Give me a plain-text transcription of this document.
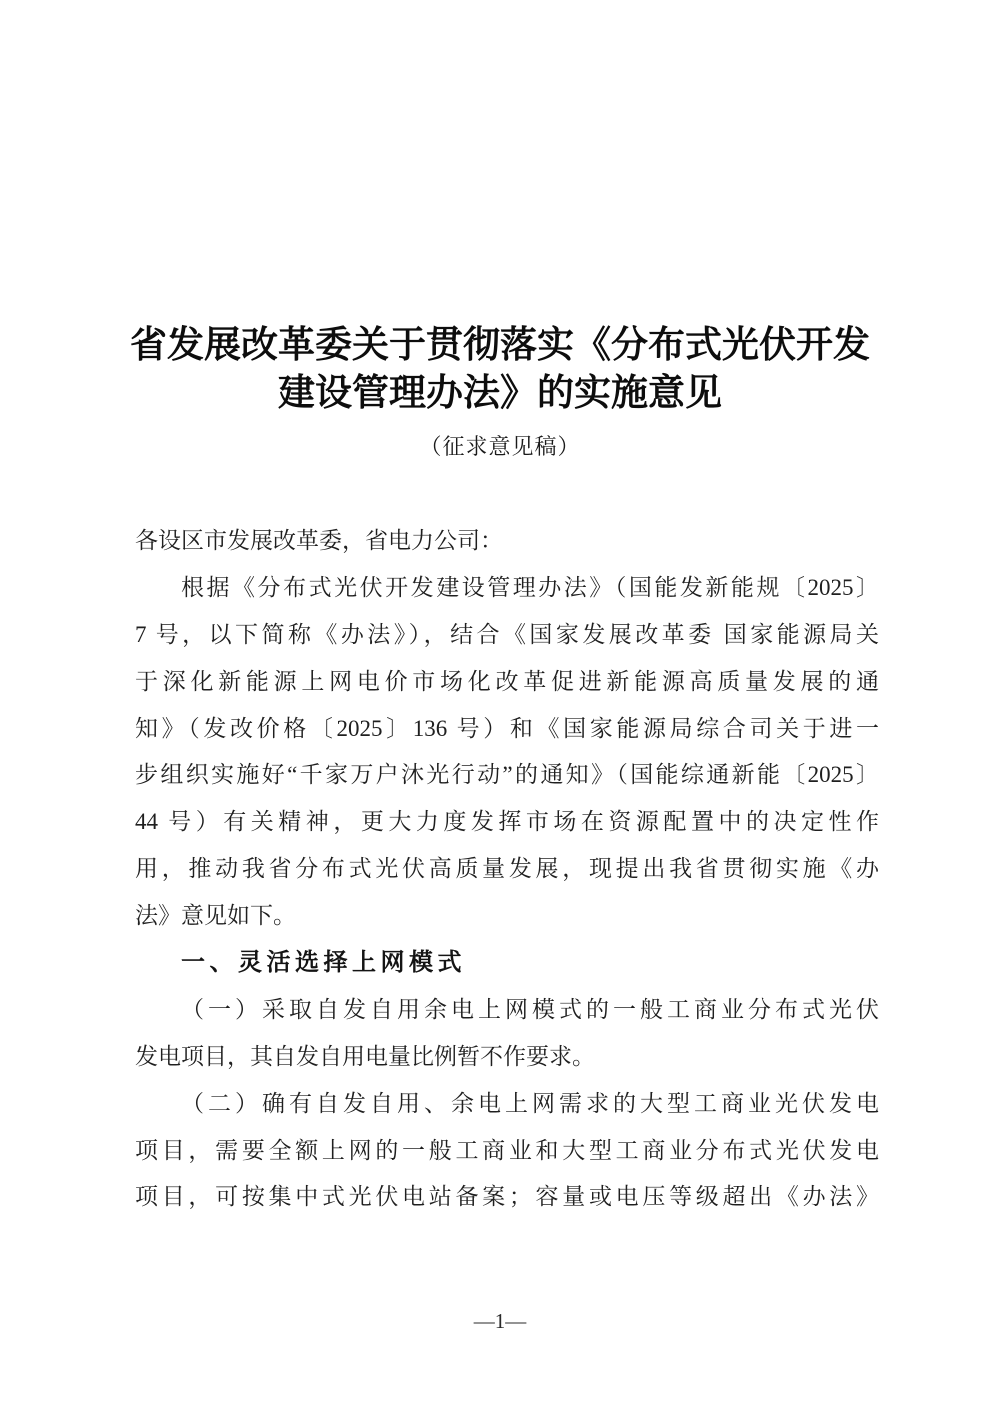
省发展改革委关于贯彻落实《分布式光伏开发
建设管理办法》的实施意见
（征求意见稿）
各设区市发展改革委，省电力公司：
根据《分布式光伏开发建设管理办法》（国能发新能规〔2025〕
7 号，以下简称《办法》），结合《国家发展改革委 国家能源局关
于深化新能源上网电价市场化改革促进新能源高质量发展的通
知》（发改价格〔2025〕136 号）和《国家能源局综合司关于进一
步组织实施好“千家万户沐光行动”的通知》（国能综通新能〔2025〕
44 号）有关精神，更大力度发挥市场在资源配置中的决定性作
用，推动我省分布式光伏高质量发展，现提出我省贯彻实施《办
法》意见如下。
一、灵活选择上网模式
（一）采取自发自用余电上网模式的一般工商业分布式光伏
发电项目，其自发自用电量比例暂不作要求。
（二）确有自发自用、余电上网需求的大型工商业光伏发电
项目，需要全额上网的一般工商业和大型工商业分布式光伏发电
项目，可按集中式光伏电站备案；容量或电压等级超出《办法》
—1—
